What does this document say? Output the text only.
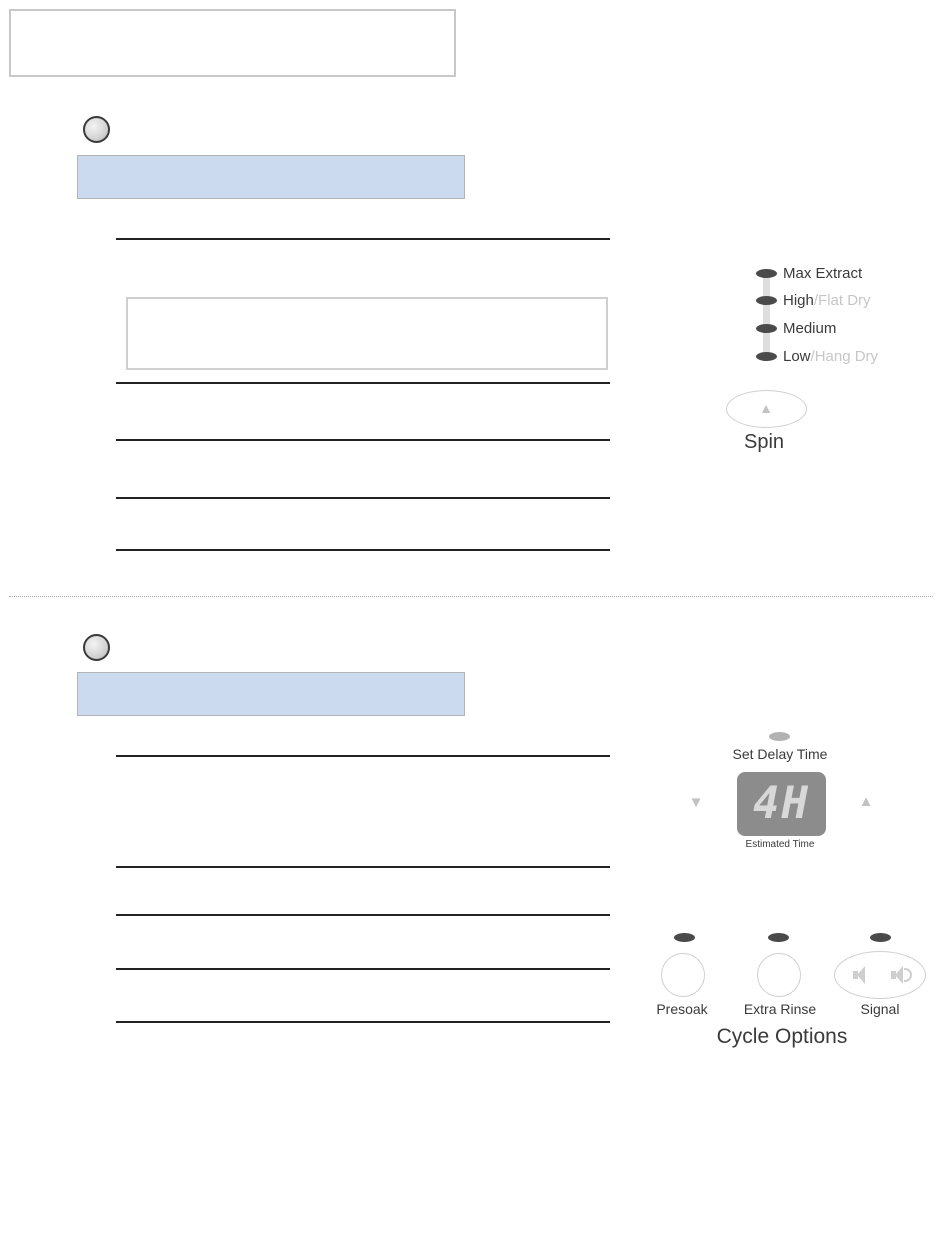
Max Extract
High/Flat Dry
Medium
Low/Hang Dry
▲
Spin
Set Delay Time
▼	4H	▲
Estimated Time
Presoak	Extra Rinse	Signal
Cycle Options
